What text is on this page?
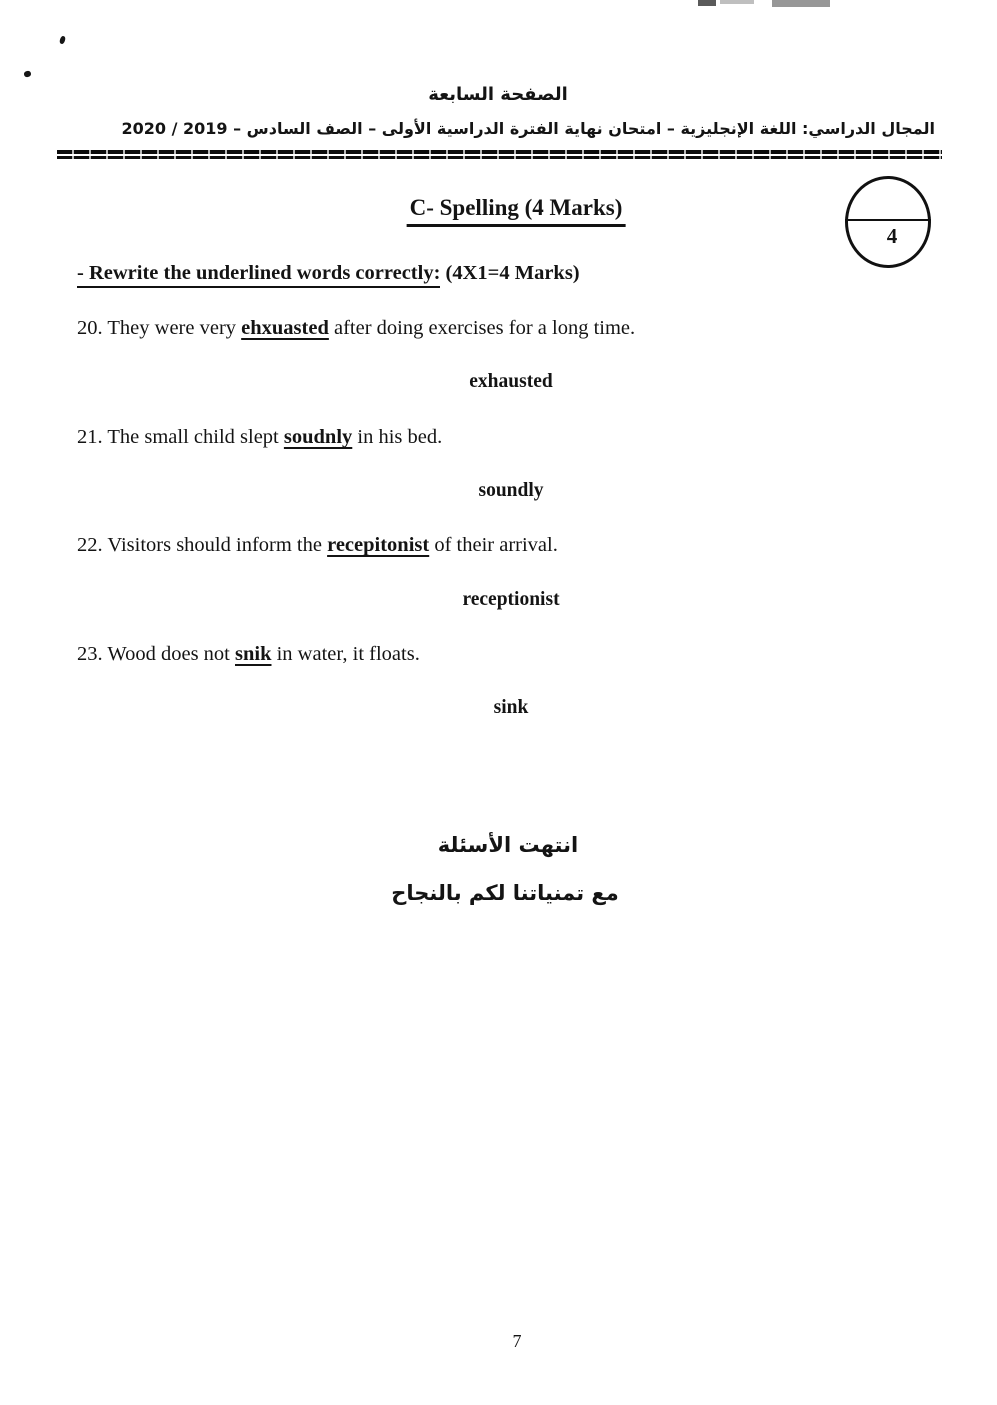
الصفحة السابعة
المجال الدراسي: اللغة الإنجليزية – امتحان نهاية الفترة الدراسية الأولى – الصف السادس – 2019 / 2020
C- Spelling (4 Marks)
4
- Rewrite the underlined words correctly: (4X1=4 Marks)
20. They were very ehxuasted after doing exercises for a long time.
exhausted
21. The small child slept soudnly in his bed.
soundly
22. Visitors should inform the recepitonist of their arrival.
receptionist
23. Wood does not snik in water, it floats.
sink
انتهت الأسئلة
مع تمنياتنا لكم بالنجاح
7
